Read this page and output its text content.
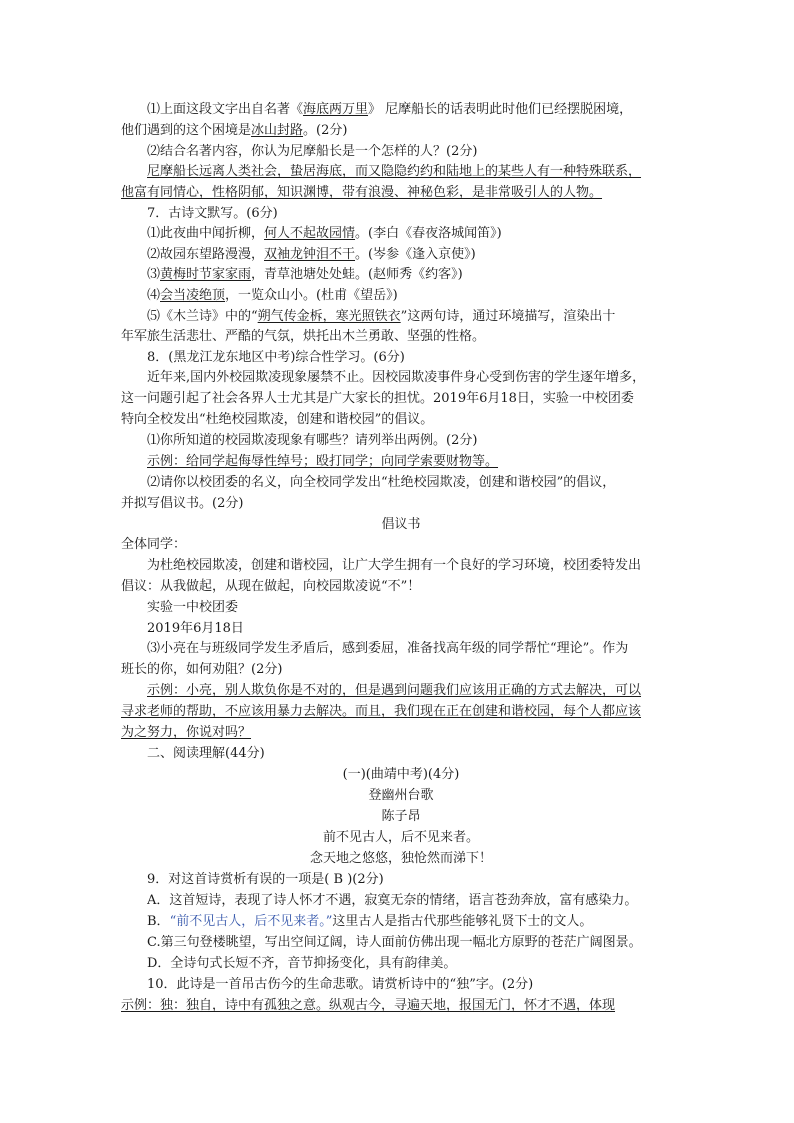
⑴上面这段文字出自名著《海底两万里》 尼摩船长的话表明此时他们已经摆脱困境，
他们遇到的这个困境是冰山封路。(2分)
⑵结合名著内容，你认为尼摩船长是一个怎样的人？(2分)
尼摩船长远离人类社会，蛰居海底，而又隐隐约约和陆地上的某些人有一种特殊联系，
他富有同情心，性格阴郁，知识渊博，带有浪漫、神秘色彩，是非常吸引人的人物。
7．古诗文默写。(6分)
⑴此夜曲中闻折柳，何人不起故园情。(李白《春夜洛城闻笛》)
⑵故园东望路漫漫，双袖龙钟泪不干。(岑参《逢入京使》)
⑶黄梅时节家家雨，青草池塘处处蛙。(赵师秀《约客》)
⑷会当凌绝顶，一览众山小。(杜甫《望岳》)
⑸《木兰诗》中的“朔气传金柝，寒光照铁衣”这两句诗，通过环境描写，渲染出十
年军旅生活悲壮、严酷的气氛，烘托出木兰勇敢、坚强的性格。
8．(黑龙江龙东地区中考)综合性学习。(6分)
近年来,国内外校园欺凌现象屡禁不止。因校园欺凌事件身心受到伤害的学生逐年增多，
这一问题引起了社会各界人士尤其是广大家长的担忧。2019年6月18日，实验一中校团委
特向全校发出“杜绝校园欺凌，创建和谐校园”的倡议。
⑴你所知道的校园欺凌现象有哪些？请列举出两例。(2分)
示例：给同学起侮辱性绰号；殴打同学；向同学索要财物等。
⑵请你以校团委的名义，向全校同学发出“杜绝校园欺凌，创建和谐校园”的倡议，
并拟写倡议书。(2分)
倡议书
全体同学：
为杜绝校园欺凌，创建和谐校园，让广大学生拥有一个良好的学习环境，校团委特发出
倡议：从我做起，从现在做起，向校园欺凌说“不”！
实验一中校团委
2019年6月18日
⑶小亮在与班级同学发生矛盾后，感到委屈，准备找高年级的同学帮忙“理论”。作为
班长的你，如何劝阻？(2分)
示例：小亮，别人欺负你是不对的，但是遇到问题我们应该用正确的方式去解决，可以
寻求老师的帮助，不应该用暴力去解决。而且，我们现在正在创建和谐校园，每个人都应该
为之努力，你说对吗？
二、阅读理解(44分)
(一)(曲靖中考)(4分)
登幽州台歌
陈子昂
前不见古人，后不见来者。
念天地之悠悠，独怆然而涕下！
9．对这首诗赏析有误的一项是( B )(2分)
A．这首短诗，表现了诗人怀才不遇，寂寞无奈的情绪，语言苍劲奔放，富有感染力。
B．“前不见古人，后不见来者。”这里古人是指古代那些能够礼贤下士的文人。
C.第三句登楼眺望，写出空间辽阔，诗人面前仿佛出现一幅北方原野的苍茫广阔图景。
D．全诗句式长短不齐，音节抑扬变化，具有韵律美。
10．此诗是一首吊古伤今的生命悲歌。请赏析诗中的“独”字。(2分)
示例：独：独自，诗中有孤独之意。纵观古今，寻遍天地，报国无门，怀才不遇，体现
